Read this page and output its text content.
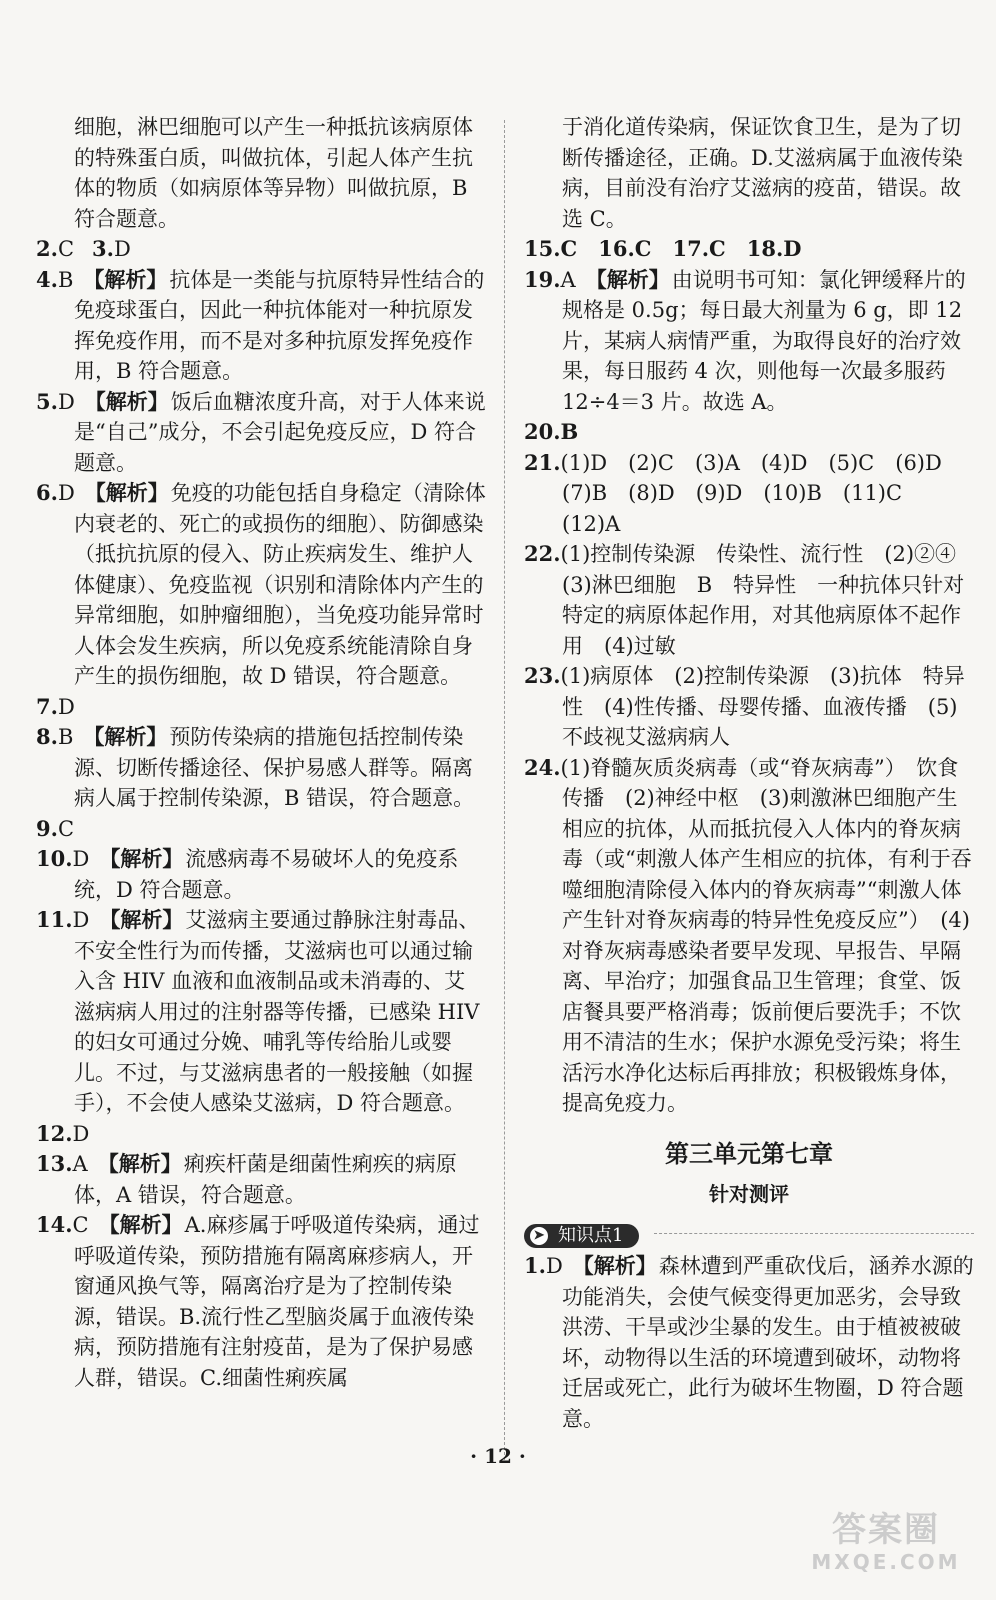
细胞，淋巴细胞可以产生一种抵抗该病原体的特殊蛋白质，叫做抗体，引起人体产生抗体的物质（如病原体等异物）叫做抗原，B符合题意。

2.C 3.D

4.B 【解析】抗体是一类能与抗原特异性结合的免疫球蛋白，因此一种抗体能对一种抗原发挥免疫作用，而不是对多种抗原发挥免疫作用，B 符合题意。

5.D 【解析】饭后血糖浓度升高，对于人体来说是“自己”成分，不会引起免疫反应，D 符合题意。

6.D 【解析】免疫的功能包括自身稳定（清除体内衰老的、死亡的或损伤的细胞）、防御感染（抵抗抗原的侵入、防止疾病发生、维护人体健康）、免疫监视（识别和清除体内产生的异常细胞，如肿瘤细胞），当免疫功能异常时人体会发生疾病，所以免疫系统能清除自身产生的损伤细胞，故 D 错误，符合题意。

7.D

8.B 【解析】预防传染病的措施包括控制传染源、切断传播途径、保护易感人群等。隔离病人属于控制传染源，B 错误，符合题意。

9.C

10.D 【解析】流感病毒不易破坏人的免疫系统，D 符合题意。

11.D 【解析】艾滋病主要通过静脉注射毒品、不安全性行为而传播，艾滋病也可以通过输入含 HIV 血液和血液制品或未消毒的、艾滋病病人用过的注射器等传播，已感染 HIV 的妇女可通过分娩、哺乳等传给胎儿或婴儿。不过，与艾滋病患者的一般接触（如握手），不会使人感染艾滋病，D 符合题意。

12.D

13.A 【解析】痢疾杆菌是细菌性痢疾的病原体，A 错误，符合题意。

14.C 【解析】A.麻疹属于呼吸道传染病，通过呼吸道传染，预防措施有隔离麻疹病人，开窗通风换气等，隔离治疗是为了控制传染源，错误。B.流行性乙型脑炎属于血液传染病，预防措施有注射疫苗，是为了保护易感人群，错误。C.细菌性痢疾属

于消化道传染病，保证饮食卫生，是为了切断传播途径，正确。D.艾滋病属于血液传染病，目前没有治疗艾滋病的疫苗，错误。故选 C。

15.C　16.C　17.C　18.D

19.A 【解析】由说明书可知：氯化钾缓释片的规格是 0.5g；每日最大剂量为 6 g，即 12 片，某病人病情严重，为取得良好的治疗效果，每日服药 4 次，则他每一次最多服药 12÷4＝3 片。故选 A。

20.B

21.(1)D　(2)C　(3)A　(4)D　(5)C　(6)D　(7)B　(8)D　(9)D　(10)B　(11)C　(12)A

22.(1)控制传染源　传染性、流行性　(2)②④　(3)淋巴细胞　B　特异性　一种抗体只针对特定的病原体起作用，对其他病原体不起作用　(4)过敏

23.(1)病原体　(2)控制传染源　(3)抗体　特异性　(4)性传播、母婴传播、血液传播　(5)不歧视艾滋病病人

24.(1)脊髓灰质炎病毒（或“脊灰病毒”）　饮食传播　(2)神经中枢　(3)刺激淋巴细胞产生相应的抗体，从而抵抗侵入人体内的脊灰病毒（或“刺激人体产生相应的抗体，有利于吞噬细胞清除侵入体内的脊灰病毒”“刺激人体产生针对脊灰病毒的特异性免疫反应”）　(4)对脊灰病毒感染者要早发现、早报告、早隔离、早治疗；加强食品卫生管理；食堂、饭店餐具要严格消毒；饭前便后要洗手；不饮用不清洁的生水；保护水源免受污染；将生活污水净化达标后再排放；积极锻炼身体，提高免疫力。

第三单元第七章
针对测评
➤ 知识点1

1.D 【解析】森林遭到严重砍伐后，涵养水源的功能消失，会使气候变得更加恶劣，会导致洪涝、干旱或沙尘暴的发生。由于植被被破坏，动物得以生活的环境遭到破坏，动物将迁居或死亡，此行为破坏生物圈，D 符合题意。

· 12 ·
答案圈
MXQE.COM
